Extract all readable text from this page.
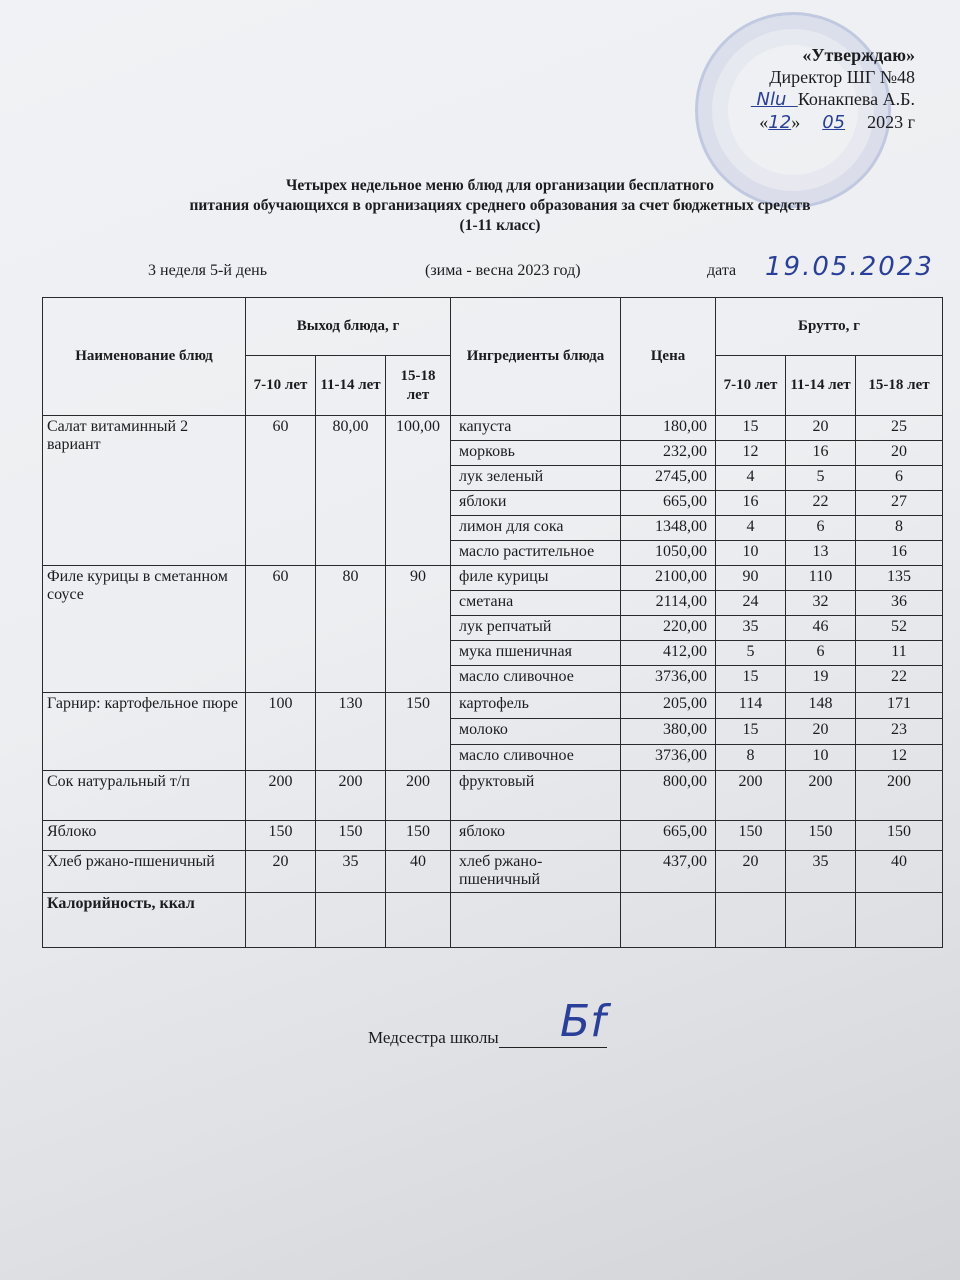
«Утверждаю»
Директор ШГ №48
Nlu  Конакпева А.Б.
«12» 05 2023 г
Четырех недельное меню блюд для организации бесплатного
питания обучающихся в организациях среднего образования за счет бюджетных средств
(1-11 класс)
3 неделя 5-й день	(зима - весна 2023 год)	дата 19.05.2023
Наименование блюд	Выход блюда, г			Ингредиенты блюда	Цена	Брутто, г		
	7-10 лет	11-14 лет	15-18 лет			7-10 лет	11-14 лет	15-18 лет
Салат витаминный 2 вариант	60	80,00	100,00	капуста	180,00	15	20	25
				морковь	232,00	12	16	20
				лук зеленый	2745,00	4	5	6
				яблоки	665,00	16	22	27
				лимон для сока	1348,00	4	6	8
				масло растительное	1050,00	10	13	16
Филе курицы в сметанном соусе	60	80	90	филе курицы	2100,00	90	110	135
				сметана	2114,00	24	32	36
				лук репчатый	220,00	35	46	52
				мука пшеничная	412,00	5	6	11
				масло сливочное	3736,00	15	19	22
Гарнир: картофельное пюре	100	130	150	картофель	205,00	114	148	171
				молоко	380,00	15	20	23
				масло сливочное	3736,00	8	10	12
Сок натуральный т/п	200	200	200	фруктовый	800,00	200	200	200
Яблоко	150	150	150	яблоко	665,00	150	150	150
Хлеб ржано-пшеничный	20	35	40	хлеб ржано-пшеничный	437,00	20	35	40
Калорийность, ккал								
Медсестра школы	Бf
